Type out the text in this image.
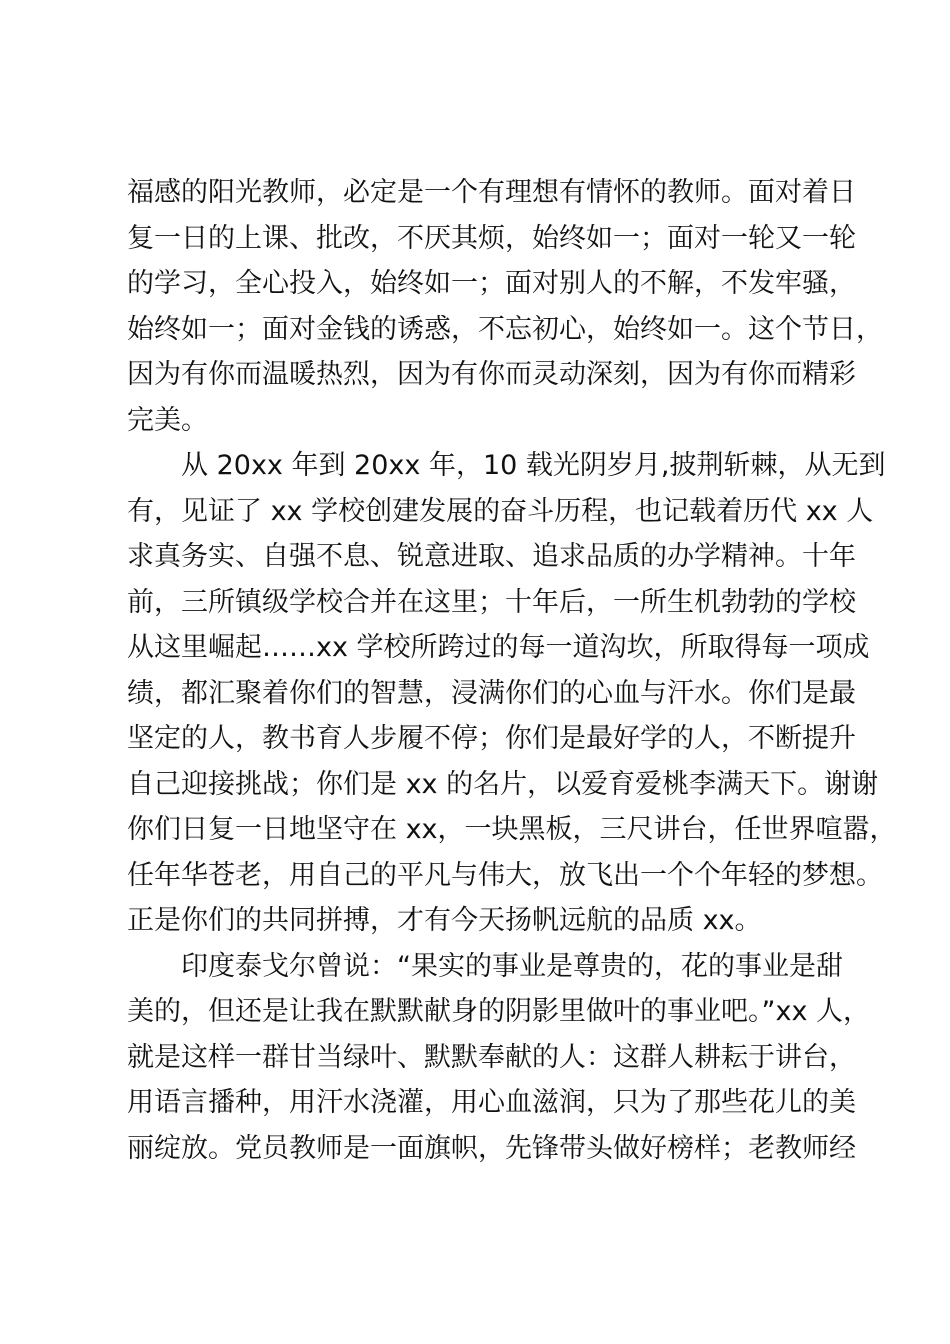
福感的阳光教师，必定是一个有理想有情怀的教师。面对着日
复一日的上课、批改，不厌其烦，始终如一；面对一轮又一轮
的学习，全心投入，始终如一；面对别人的不解，不发牢骚，
始终如一；面对金钱的诱惑，不忘初心，始终如一。这个节日，
因为有你而温暖热烈，因为有你而灵动深刻，因为有你而精彩
完美。
从 20xx 年到 20xx 年，10 载光阴岁月,披荆斩棘，从无到
有，见证了 xx 学校创建发展的奋斗历程，也记载着历代 xx 人
求真务实、自强不息、锐意进取、追求品质的办学精神。十年
前，三所镇级学校合并在这里；十年后，一所生机勃勃的学校
从这里崛起……xx 学校所跨过的每一道沟坎，所取得每一项成
绩，都汇聚着你们的智慧，浸满你们的心血与汗水。你们是最
坚定的人，教书育人步履不停；你们是最好学的人，不断提升
自己迎接挑战；你们是 xx 的名片，以爱育爱桃李满天下。谢谢
你们日复一日地坚守在 xx，一块黑板，三尺讲台，任世界喧嚣，
任年华苍老，用自己的平凡与伟大，放飞出一个个年轻的梦想。
正是你们的共同拼搏，才有今天扬帆远航的品质 xx。
印度泰戈尔曾说：“果实的事业是尊贵的，花的事业是甜
美的，但还是让我在默默献身的阴影里做叶的事业吧。”xx 人，
就是这样一群甘当绿叶、默默奉献的人：这群人耕耘于讲台，
用语言播种，用汗水浇灌，用心血滋润，只为了那些花儿的美
丽绽放。党员教师是一面旗帜，先锋带头做好榜样；老教师经
